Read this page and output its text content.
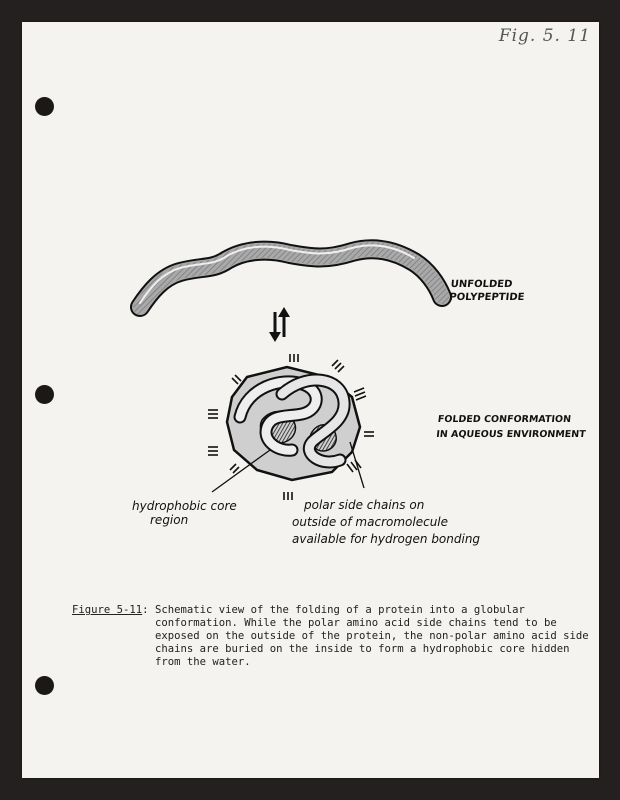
Fig. 5. 11
UNFOLDED
POLYPEPTIDE
FOLDED CONFORMATION
IN AQUEOUS ENVIRONMENT
hydrophobic core
region
polar side chains on
outside of macromolecule
available for hydrogen bonding
Figure 5-11 : Schematic view of the folding of a protein into a globular conformation. While the polar amino acid side chains tend to be exposed on the outside of the protein, the non-polar amino acid side chains are buried on the inside to form a hydrophobic core hidden from the water.
